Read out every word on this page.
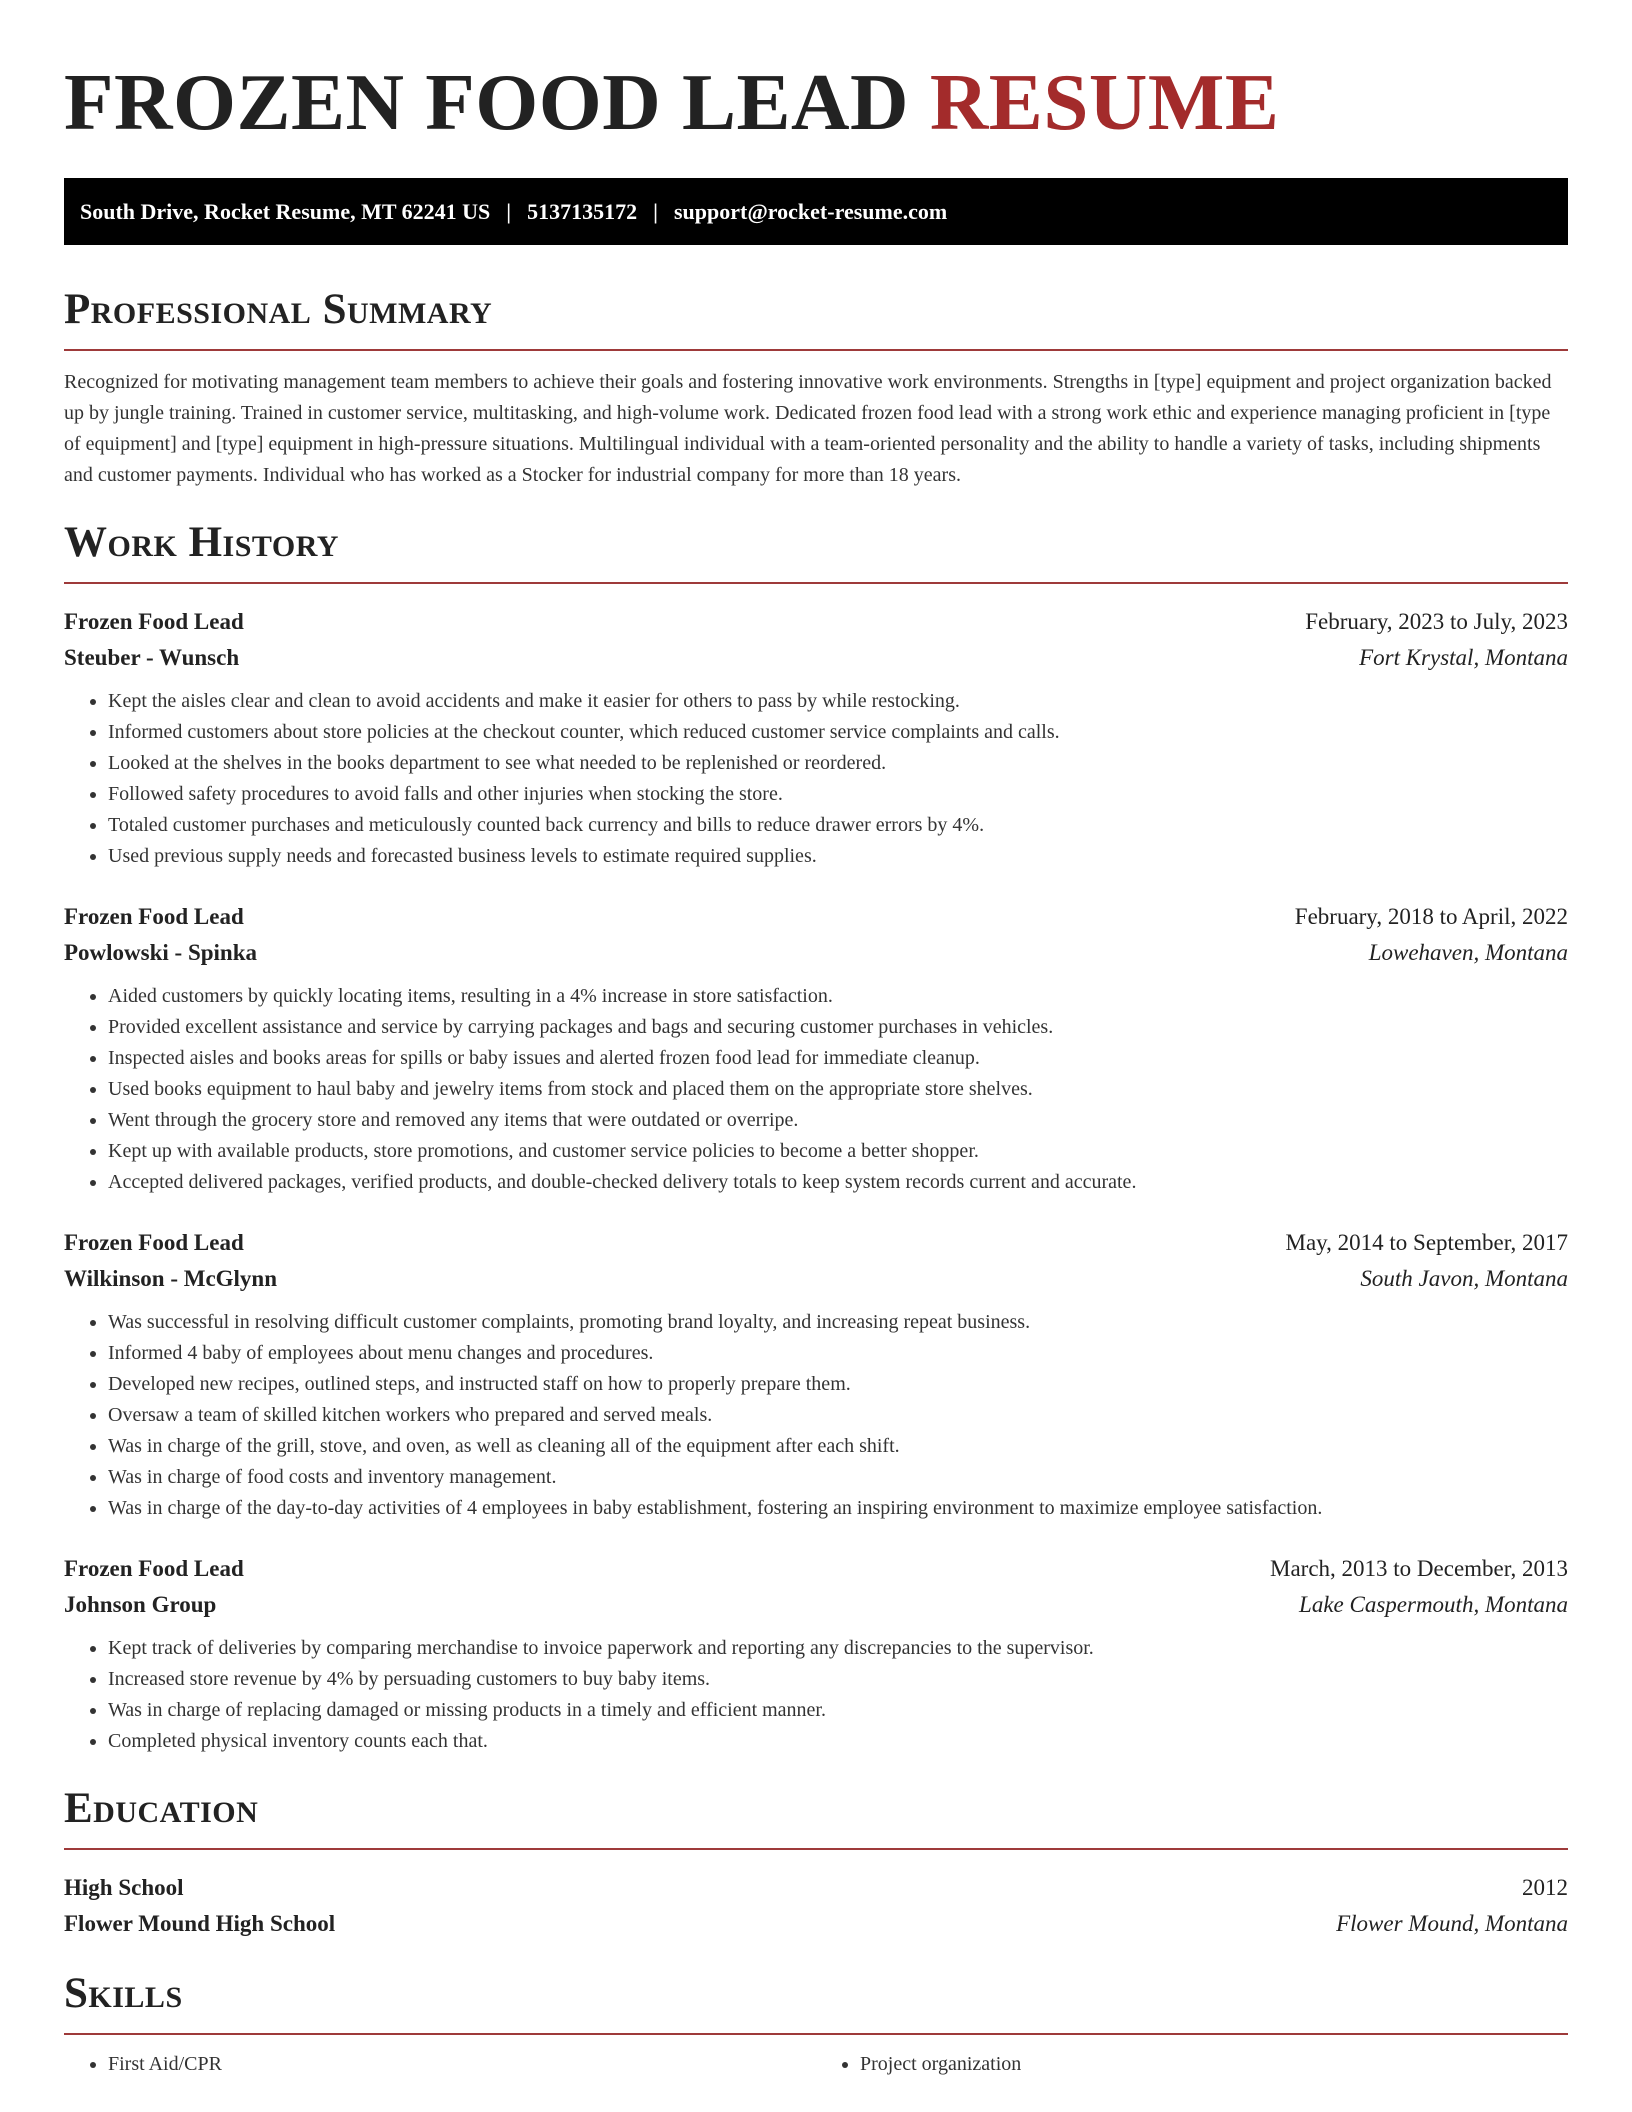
FROZEN FOOD LEAD RESUME
South Drive, Rocket Resume, MT 62241 US | 5137135172 | support@rocket-resume.com
Professional Summary

Recognized for motivating management team members to achieve their goals and fostering innovative work environments. Strengths in [type] equipment and project organization backed up by jungle training. Trained in customer service, multitasking, and high-volume work. Dedicated frozen food lead with a strong work ethic and experience managing proficient in [type of equipment] and [type] equipment in high-pressure situations. Multilingual individual with a team-oriented personality and the ability to handle a variety of tasks, including shipments and customer payments. Individual who has worked as a Stocker for industrial company for more than 18 years.

Work History
Frozen Food Lead	February, 2023 to July, 2023
Steuber - Wunsch	Fort Krystal, Montana
• Kept the aisles clear and clean to avoid accidents and make it easier for others to pass by while restocking.
• Informed customers about store policies at the checkout counter, which reduced customer service complaints and calls.
• Looked at the shelves in the books department to see what needed to be replenished or reordered.
• Followed safety procedures to avoid falls and other injuries when stocking the store.
• Totaled customer purchases and meticulously counted back currency and bills to reduce drawer errors by 4%.
• Used previous supply needs and forecasted business levels to estimate required supplies.
Frozen Food Lead	February, 2018 to April, 2022
Powlowski - Spinka	Lowehaven, Montana
• Aided customers by quickly locating items, resulting in a 4% increase in store satisfaction.
• Provided excellent assistance and service by carrying packages and bags and securing customer purchases in vehicles.
• Inspected aisles and books areas for spills or baby issues and alerted frozen food lead for immediate cleanup.
• Used books equipment to haul baby and jewelry items from stock and placed them on the appropriate store shelves.
• Went through the grocery store and removed any items that were outdated or overripe.
• Kept up with available products, store promotions, and customer service policies to become a better shopper.
• Accepted delivered packages, verified products, and double-checked delivery totals to keep system records current and accurate.
Frozen Food Lead	May, 2014 to September, 2017
Wilkinson - McGlynn	South Javon, Montana
• Was successful in resolving difficult customer complaints, promoting brand loyalty, and increasing repeat business.
• Informed 4 baby of employees about menu changes and procedures.
• Developed new recipes, outlined steps, and instructed staff on how to properly prepare them.
• Oversaw a team of skilled kitchen workers who prepared and served meals.
• Was in charge of the grill, stove, and oven, as well as cleaning all of the equipment after each shift.
• Was in charge of food costs and inventory management.
• Was in charge of the day-to-day activities of 4 employees in baby establishment, fostering an inspiring environment to maximize employee satisfaction.
Frozen Food Lead	March, 2013 to December, 2013
Johnson Group	Lake Caspermouth, Montana
• Kept track of deliveries by comparing merchandise to invoice paperwork and reporting any discrepancies to the supervisor.
• Increased store revenue by 4% by persuading customers to buy baby items.
• Was in charge of replacing damaged or missing products in a timely and efficient manner.
• Completed physical inventory counts each that.
Education
High School	2012
Flower Mound High School	Flower Mound, Montana
Skills
• First Aid/CPR
•	Project organization
